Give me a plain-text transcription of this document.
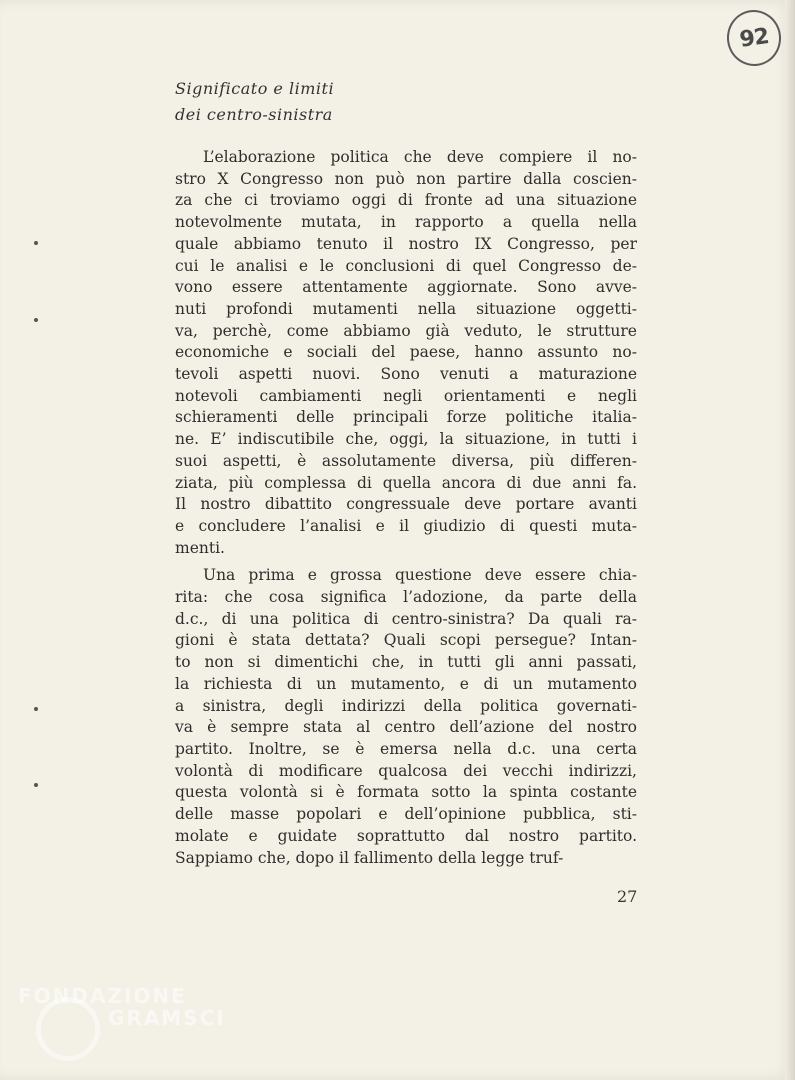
92
Significato e limiti
dei centro-sinistra
L’elaborazione politica che deve compiere il no-
stro X Congresso non può non partire dalla coscien-
za che ci troviamo oggi di fronte ad una situazione
notevolmente mutata, in rapporto a quella nella
quale abbiamo tenuto il nostro IX Congresso, per
cui le analisi e le conclusioni di quel Congresso de-
vono essere attentamente aggiornate. Sono avve-
nuti profondi mutamenti nella situazione oggetti-
va, perchè, come abbiamo già veduto, le strutture
economiche e sociali del paese, hanno assunto no-
tevoli aspetti nuovi. Sono venuti a maturazione
notevoli cambiamenti negli orientamenti e negli
schieramenti delle principali forze politiche italia-
ne. E’ indiscutibile che, oggi, la situazione, in tutti i
suoi aspetti, è assolutamente diversa, più differen-
ziata, più complessa di quella ancora di due anni fa.
Il nostro dibattito congressuale deve portare avanti
e concludere l’analisi e il giudizio di questi muta-
menti.
Una prima e grossa questione deve essere chia-
rita: che cosa significa l’adozione, da parte della
d.c., di una politica di centro-sinistra? Da quali ra-
gioni è stata dettata? Quali scopi persegue? Intan-
to non si dimentichi che, in tutti gli anni passati,
la richiesta di un mutamento, e di un mutamento
a sinistra, degli indirizzi della politica governati-
va è sempre stata al centro dell’azione del nostro
partito. Inoltre, se è emersa nella d.c. una certa
volontà di modificare qualcosa dei vecchi indirizzi,
questa volontà si è formata sotto la spinta costante
delle masse popolari e dell’opinione pubblica, sti-
molate e guidate soprattutto dal nostro partito.
Sappiamo che, dopo il fallimento della legge truf-
27
FONDAZIONE
GRAMSCI
